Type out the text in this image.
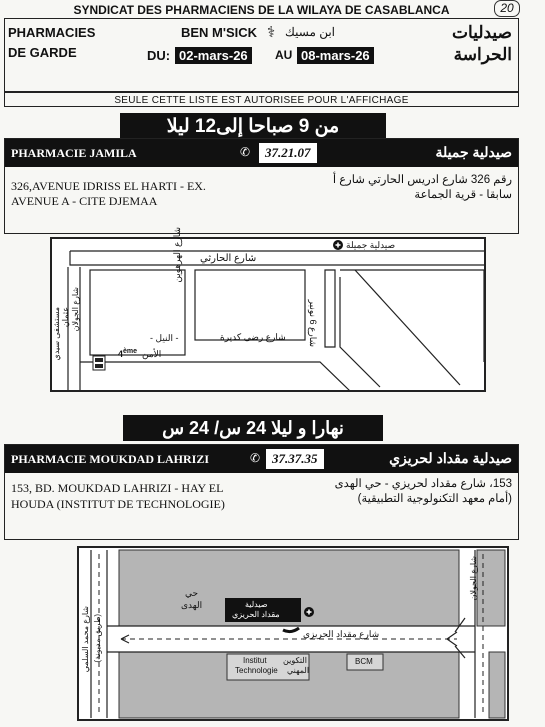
SYNDICAT DES PHARMACIENS DE LA WILAYA DE CASABLANCA	20
PHARMACIES
DE GARDE
BEN M'SICK ⚕ ابن مسيك
DU: 02-mars-26	AU 08-mars-26
صيدليات
الحراسة
SEULE CETTE LISTE EST AUTORISEE POUR L'AFFICHAGE
من 9 صباحا إلى12 ليلا
PHARMACIE JAMILA	✆	37.21.07	صيدلية جميلة
326,AVENUE IDRISS EL HARTI - EX.
AVENUE A - CITE DJEMAA
رقم 326 شارع ادريس الحارتي شارع أ
سابقا - قرية الجماعة
صيدلية جميلة
شارع الحارثي
شارع الهرهوين
شارع 6 نونبر
شارع رضى كديرة
- النيل -
4ème الأمن
مستشفى سيدي عثمان شارع الجولان
نهارا و ليلا 24 س/ 24 س
PHARMACIE MOUKDAD LAHRIZI	✆ 37.37.35	صيدلية مقداد لحريزي
153, BD. MOUKDAD LAHRIZI - HAY EL
HOUDA (INSTITUT DE TECHNOLOGIE)
153، شارع مقداد لحريزي - حي الهدى
(أمام معهد التكنولوجية التطبيقية)
صيدلية
مقداد الحريزي
حي
الهدى
شارع مقداد الحريزي
شارع محمد السلمي (طريق مديونة)
شارع الجولان
Institut
Technologie
التكوين
المهني
BCM
